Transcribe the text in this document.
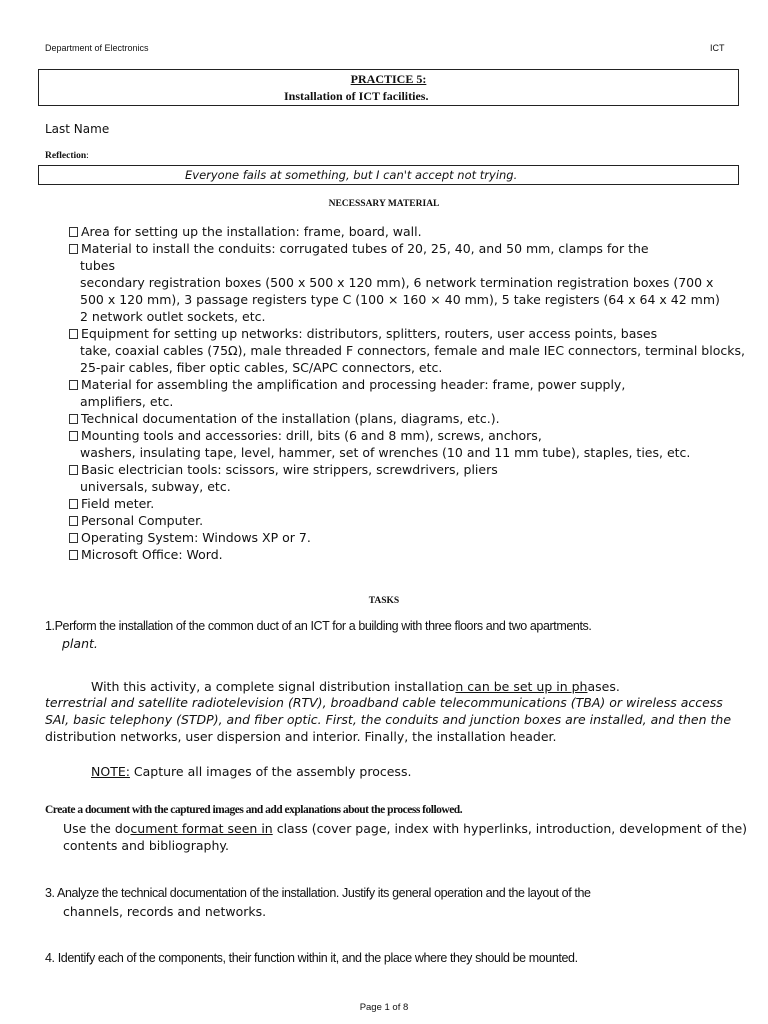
Department of Electronics	ICT
PRACTICE 5:
Installation of ICT facilities.
Last Name
Reflection:
Everyone fails at something, but I can't accept not trying.
NECESSARY MATERIAL
Area for setting up the installation: frame, board, wall.
Material to install the conduits: corrugated tubes of 20, 25, 40, and 50 mm, clamps for the
tubes
secondary registration boxes (500 x 500 x 120 mm), 6 network termination registration boxes (700 x
500 x 120 mm), 3 passage registers type C (100 × 160 × 40 mm), 5 take registers (64 x 64 x 42 mm)
2 network outlet sockets, etc.
Equipment for setting up networks: distributors, splitters, routers, user access points, bases
take, coaxial cables (75Ω), male threaded F connectors, female and male IEC connectors, terminal blocks,
25-pair cables, fiber optic cables, SC/APC connectors, etc.
Material for assembling the amplification and processing header: frame, power supply,
amplifiers, etc.
Technical documentation of the installation (plans, diagrams, etc.).
Mounting tools and accessories: drill, bits (6 and 8 mm), screws, anchors,
washers, insulating tape, level, hammer, set of wrenches (10 and 11 mm tube), staples, ties, etc.
Basic electrician tools: scissors, wire strippers, screwdrivers, pliers
universals, subway, etc.
Field meter.
Personal Computer.
Operating System: Windows XP or 7.
Microsoft Office: Word.
TASKS
1.Perform the installation of the common duct of an ICT for a building with three floors and two apartments.
plant.
With this activity, a complete signal distribution installation can be set up in phases.
terrestrial and satellite radiotelevision (RTV), broadband cable telecommunications (TBA) or wireless access
SAI, basic telephony (STDP), and fiber optic. First, the conduits and junction boxes are installed, and then the
distribution networks, user dispersion and interior. Finally, the installation header.
NOTE: Capture all images of the assembly process.
Create a document with the captured images and add explanations about the process followed.
Use the document format seen in class (cover page, index with hyperlinks, introduction, development of the)
contents and bibliography.
3. Analyze the technical documentation of the installation. Justify its general operation and the layout of the
channels, records and networks.
4. Identify each of the components, their function within it, and the place where they should be mounted.
Page 1 of 8
